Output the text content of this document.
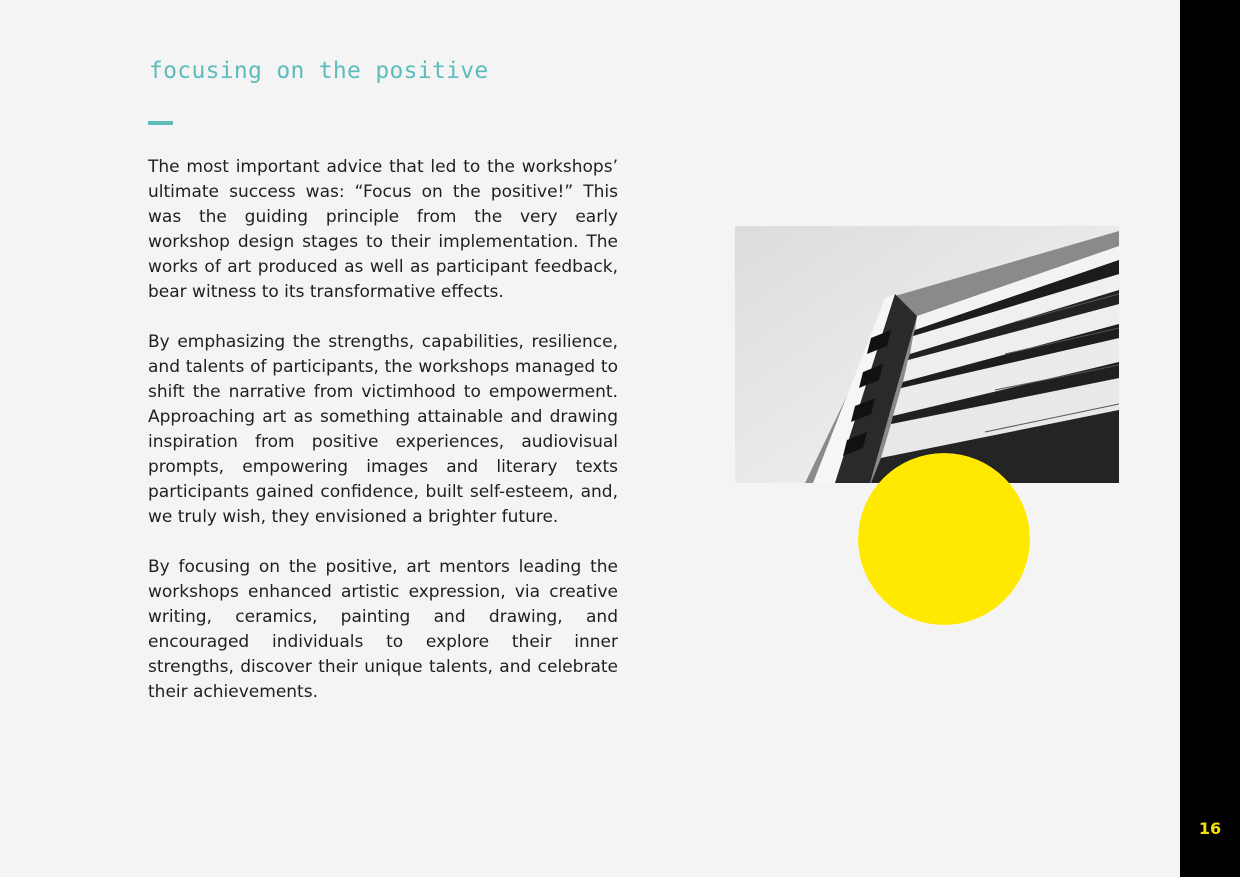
focusing on the positive

The most important advice that led to the workshops’ ultimate success was: “Focus on the positive!” This was the guiding principle from the very early workshop design stages to their implementation. The works of art produced as well as participant feedback, bear witness to its transformative effects.

By emphasizing the strengths, capabilities, resilience, and talents of participants, the workshops managed to shift the narrative from victimhood to empowerment. Approaching art as something attainable and drawing inspiration from positive experiences, audiovisual prompts, empowering images and literary texts participants gained confidence, built self-esteem, and, we truly wish, they envisioned a brighter future.

By focusing on the positive, art mentors leading the workshops enhanced artistic expression, via creative writing, ceramics, painting and drawing, and encouraged individuals to explore their inner strengths, discover their unique talents, and celebrate their achievements.

16
